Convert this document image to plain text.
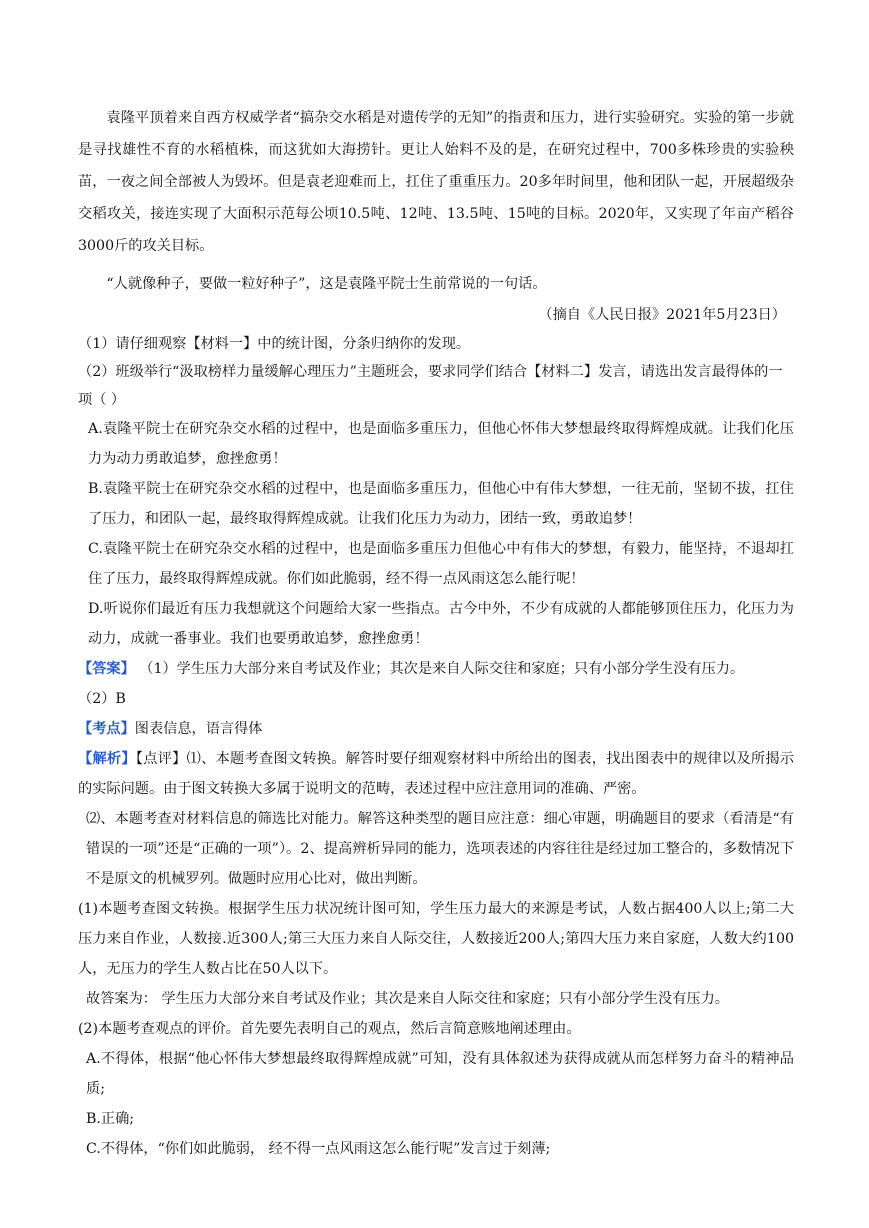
袁隆平顶着来自西方权威学者“搞杂交水稻是对遗传学的无知”的指责和压力，进行实验研究。实验的第一步就是寻找雄性不育的水稻植株，而这犹如大海捞针。更让人始料不及的是，在研究过程中，700多株珍贵的实验秧苗，一夜之间全部被人为毁坏。但是袁老迎难而上，扛住了重重压力。20多年时间里，他和团队一起，开展超级杂交稻攻关，接连实现了大面积示范每公顷10.5吨、12吨、13.5吨、15吨的目标。2020年，又实现了年亩产稻谷3000斤的攻关目标。

“人就像种子，要做一粒好种子”，这是袁隆平院士生前常说的一句话。

（摘自《人民日报》2021年5月23日）

（1）请仔细观察【材料一】中的统计图，分条归纳你的发现。

（2）班级举行“汲取榜样力量缓解心理压力”主题班会，要求同学们结合【材料二】发言，请选出发言最得体的一项（ ）

A.袁隆平院士在研究杂交水稻的过程中，也是面临多重压力，但他心怀伟大梦想最终取得辉煌成就。让我们化压力为动力勇敢追梦，愈挫愈勇！

B.袁隆平院士在研究杂交水稻的过程中，也是面临多重压力，但他心中有伟大梦想，一往无前，坚韧不拔，扛住了压力，和团队一起，最终取得辉煌成就。让我们化压力为动力，团结一致，勇敢追梦！

C.袁隆平院士在研究杂交水稻的过程中，也是面临多重压力但他心中有伟大的梦想，有毅力，能坚持，不退却扛住了压力，最终取得辉煌成就。你们如此脆弱，经不得一点风雨这怎么能行呢！

D.听说你们最近有压力我想就这个问题给大家一些指点。古今中外，不少有成就的人都能够顶住压力，化压力为动力，成就一番事业。我们也要勇敢追梦，愈挫愈勇！

【答案】 （1）学生压力大部分来自考试及作业；其次是来自人际交往和家庭；只有小部分学生没有压力。

（2）B

【考点】图表信息，语言得体

【解析】【点评】⑴、本题考查图文转换。解答时要仔细观察材料中所给出的图表，找出图表中的规律以及所揭示的实际问题。由于图文转换大多属于说明文的范畴，表述过程中应注意用词的准确、严密。

⑵、本题考查对材料信息的筛选比对能力。解答这种类型的题目应注意：细心审题，明确题目的要求（看清是“有错误的一项”还是“正确的一项”）。2、提高辨析异同的能力，选项表述的内容往往是经过加工整合的，多数情况下不是原文的机械罗列。做题时应用心比对，做出判断。

(1)本题考查图文转换。根据学生压力状况统计图可知，学生压力最大的来源是考试，人数占据400人以上;第二大压力来自作业，人数接.近300人;第三大压力来自人际交往，人数接近200人;第四大压力来自家庭，人数大约100人，无压力的学生人数占比在50人以下。

故答案为： 学生压力大部分来自考试及作业；其次是来自人际交往和家庭；只有小部分学生没有压力。

(2)本题考查观点的评价。首先要先表明自己的观点，然后言简意赅地阐述理由。

A.不得体，根据“他心怀伟大梦想最终取得辉煌成就”可知，没有具体叙述为获得成就从而怎样努力奋斗的精神品质;

B.正确;

C.不得体，“你们如此脆弱， 经不得一点风雨这怎么能行呢”发言过于刻薄;
